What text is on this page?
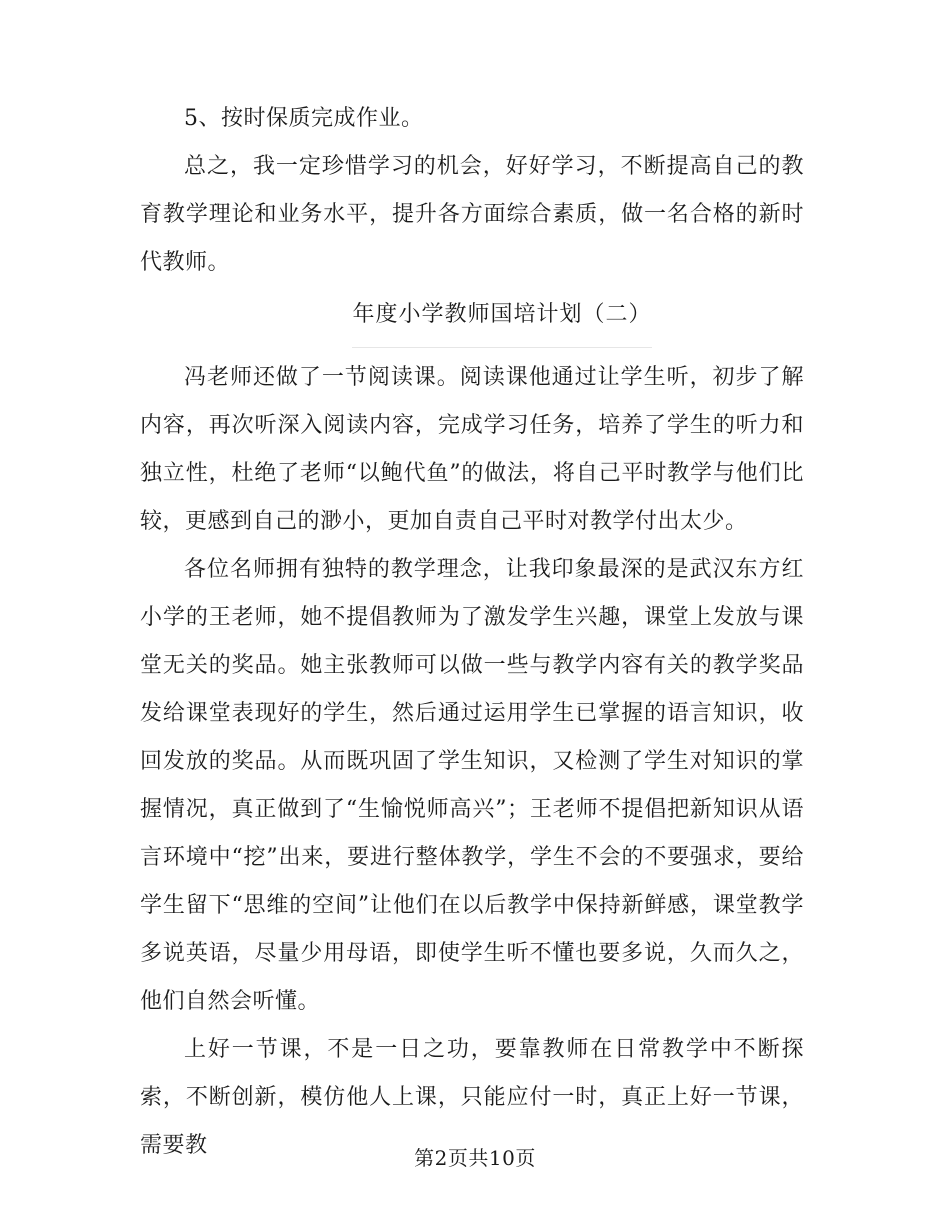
5、按时保质完成作业。

总之，我一定珍惜学习的机会，好好学习，不断提高自己的教育教学理论和业务水平，提升各方面综合素质，做一名合格的新时代教师。

年度小学教师国培计划（二）

冯老师还做了一节阅读课。阅读课他通过让学生听，初步了解内容，再次听深入阅读内容，完成学习任务，培养了学生的听力和独立性，杜绝了老师“以鲍代鱼”的做法，将自己平时教学与他们比较，更感到自己的渺小，更加自责自己平时对教学付出太少。

各位名师拥有独特的教学理念，让我印象最深的是武汉东方红小学的王老师，她不提倡教师为了激发学生兴趣，课堂上发放与课堂无关的奖品。她主张教师可以做一些与教学内容有关的教学奖品发给课堂表现好的学生，然后通过运用学生已掌握的语言知识，收回发放的奖品。从而既巩固了学生知识，又检测了学生对知识的掌握情况，真正做到了“生愉悦师高兴”；王老师不提倡把新知识从语言环境中“挖”出来，要进行整体教学，学生不会的不要强求，要给学生留下“思维的空间”让他们在以后教学中保持新鲜感，课堂教学多说英语，尽量少用母语，即使学生听不懂也要多说，久而久之，他们自然会听懂。

上好一节课，不是一日之功，要靠教师在日常教学中不断探索，不断创新，模仿他人上课，只能应付一时，真正上好一节课，需要教	第2页共10页
